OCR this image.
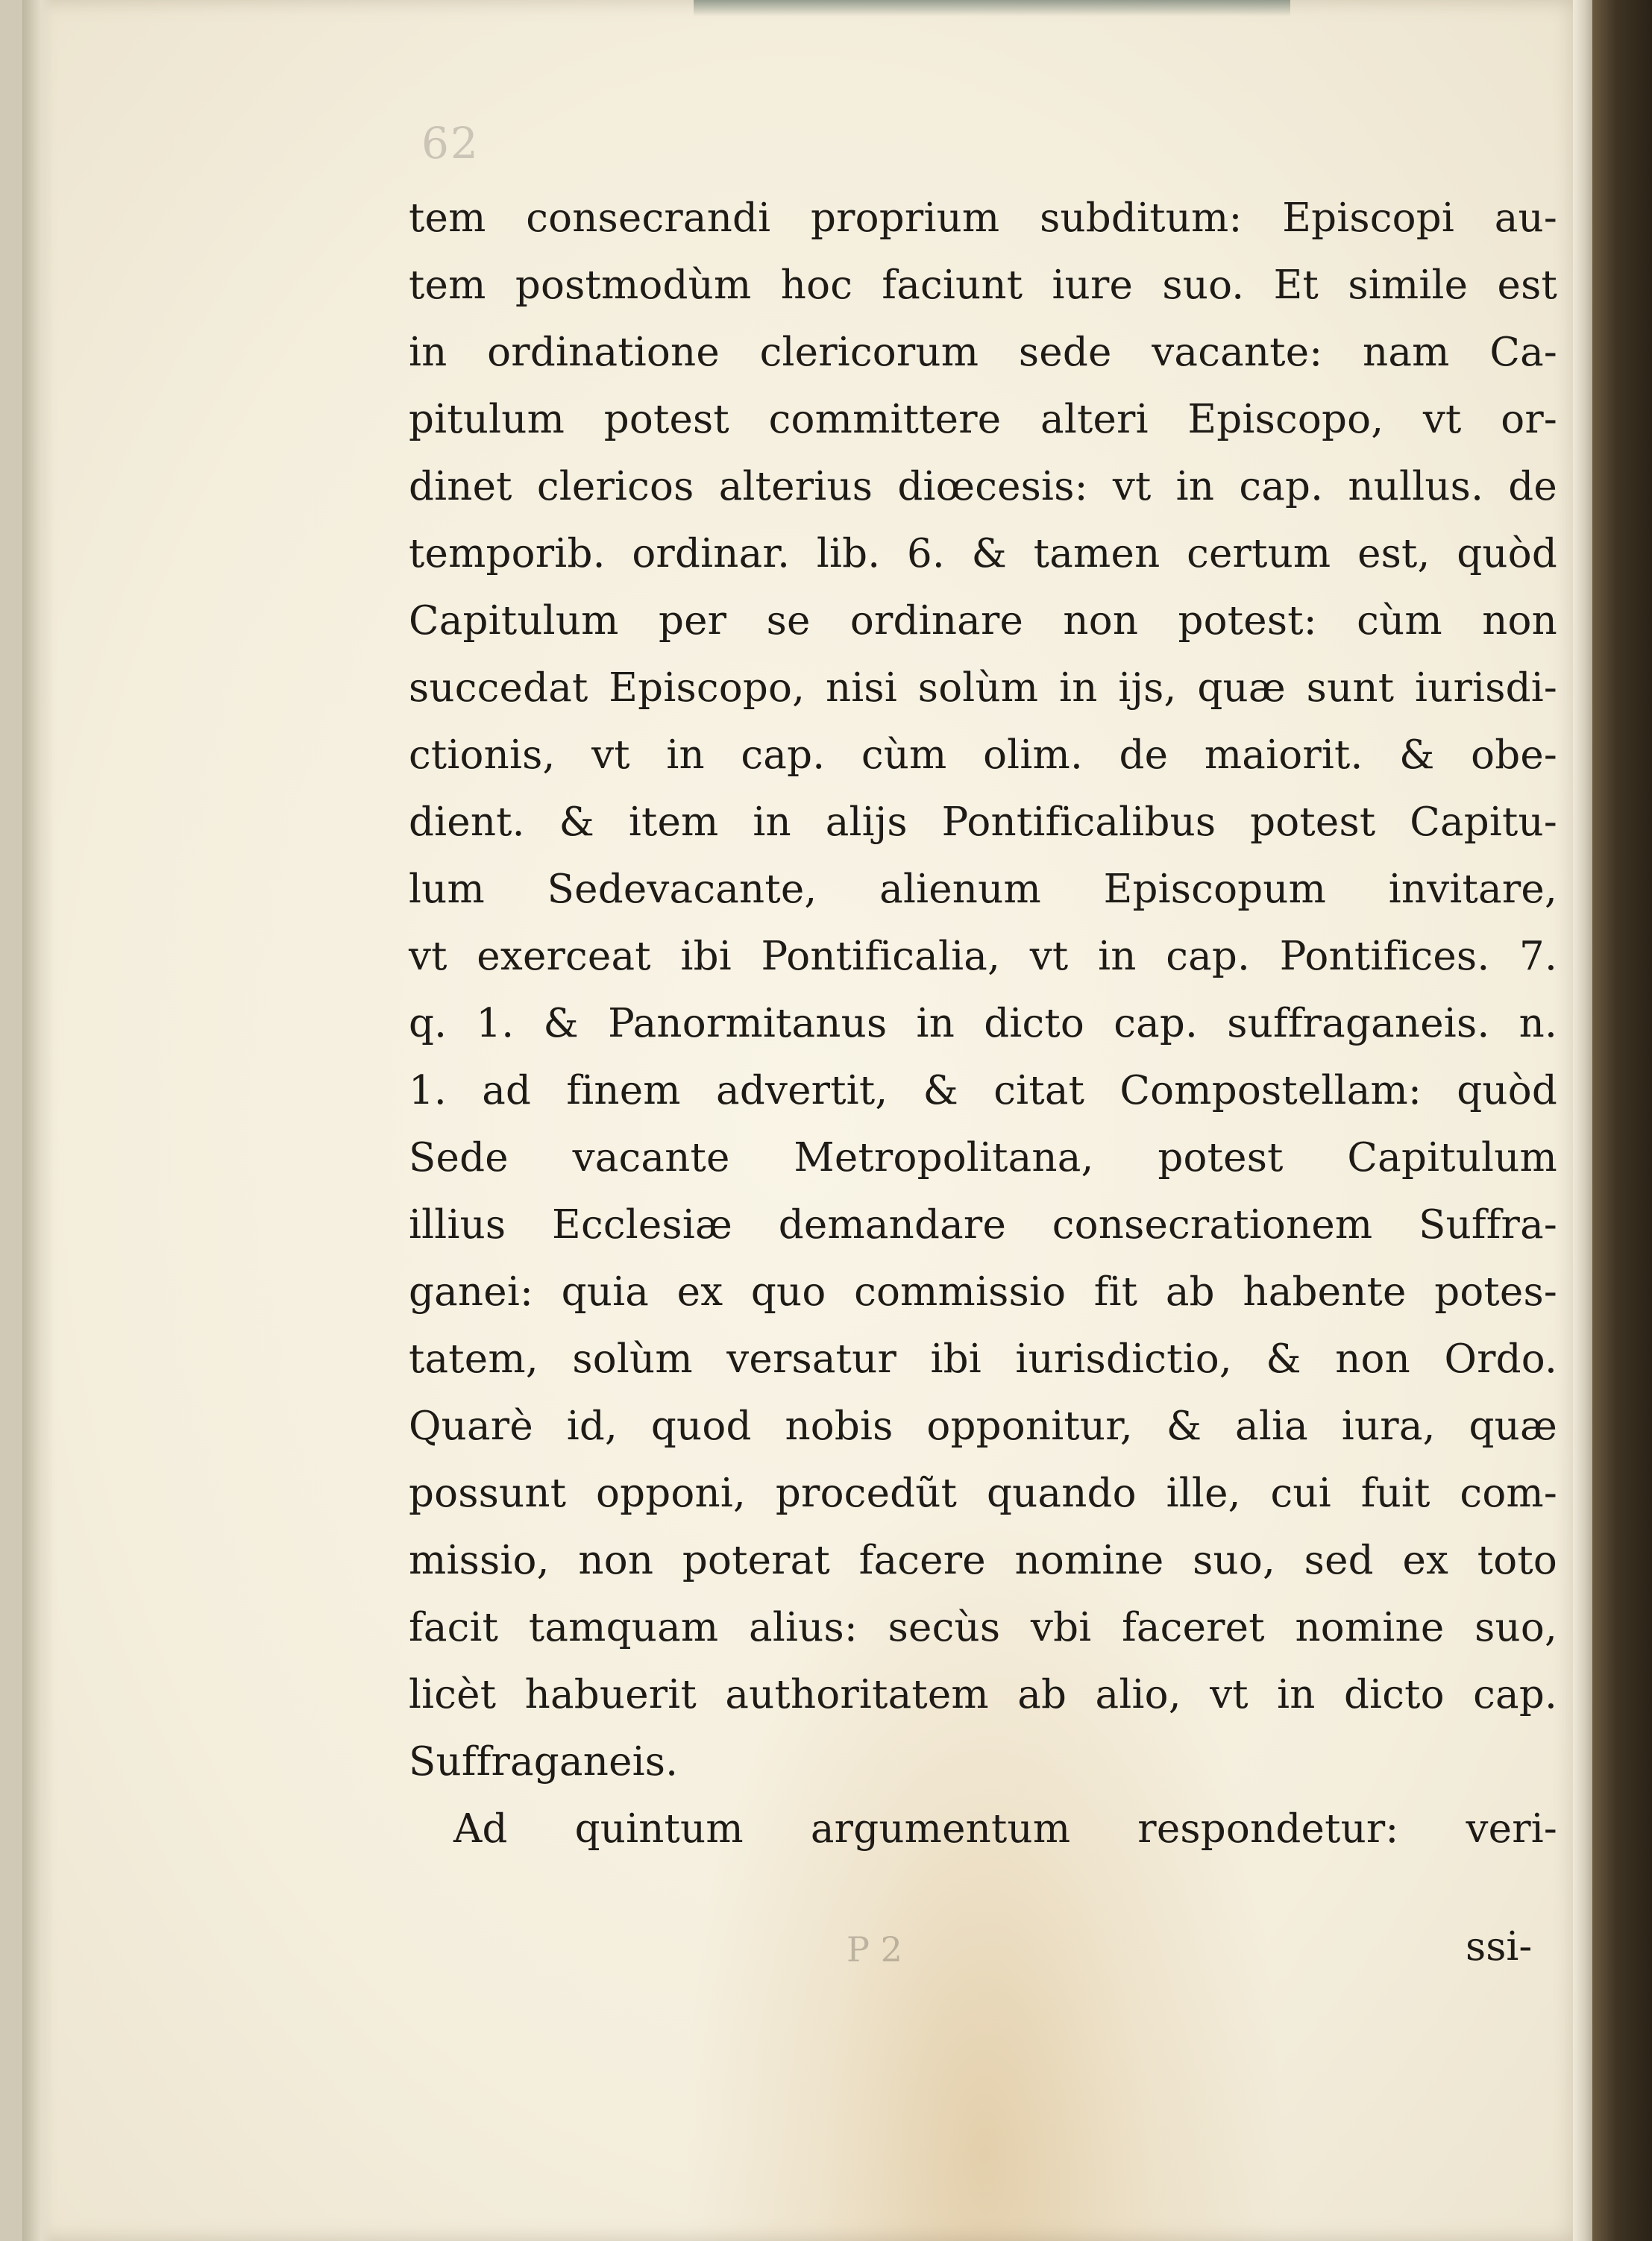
62
tem consecrandi proprium subditum: Episcopi au-
tem postmodùm hoc faciunt iure suo. Et simile est
in ordinatione clericorum sede vacante: nam Ca-
pitulum potest committere alteri Episcopo, vt or-
dinet clericos alterius diœcesis: vt in cap. nullus. de
temporib. ordinar. lib. 6. & tamen certum est, quòd
Capitulum per se ordinare non potest: cùm non
succedat Episcopo, nisi solùm in ijs, quæ sunt iurisdi-
ctionis, vt in cap. cùm olim. de maiorit. & obe-
dient. & item in alijs Pontificalibus potest Capitu-
lum Sedevacante, alienum Episcopum invitare,
vt exerceat ibi Pontificalia, vt in cap. Pontifices. 7.
q. 1. & Panormitanus in dicto cap. suffraganeis. n.
1. ad finem advertit, & citat Compostellam: quòd
Sede vacante Metropolitana, potest Capitulum
illius Ecclesiæ demandare consecrationem Suffra-
ganei: quia ex quo commissio fit ab habente potes-
tatem, solùm versatur ibi iurisdictio, & non Ordo.
Quarè id, quod nobis opponitur, & alia iura, quæ
possunt opponi, procedũt quando ille, cui fuit com-
missio, non poterat facere nomine suo, sed ex toto
facit tamquam alius: secùs vbi faceret nomine suo,
licèt habuerit authoritatem ab alio, vt in dicto cap.
Suffraganeis.
Ad quintum argumentum respondetur: veri-
P 2	ssi-
